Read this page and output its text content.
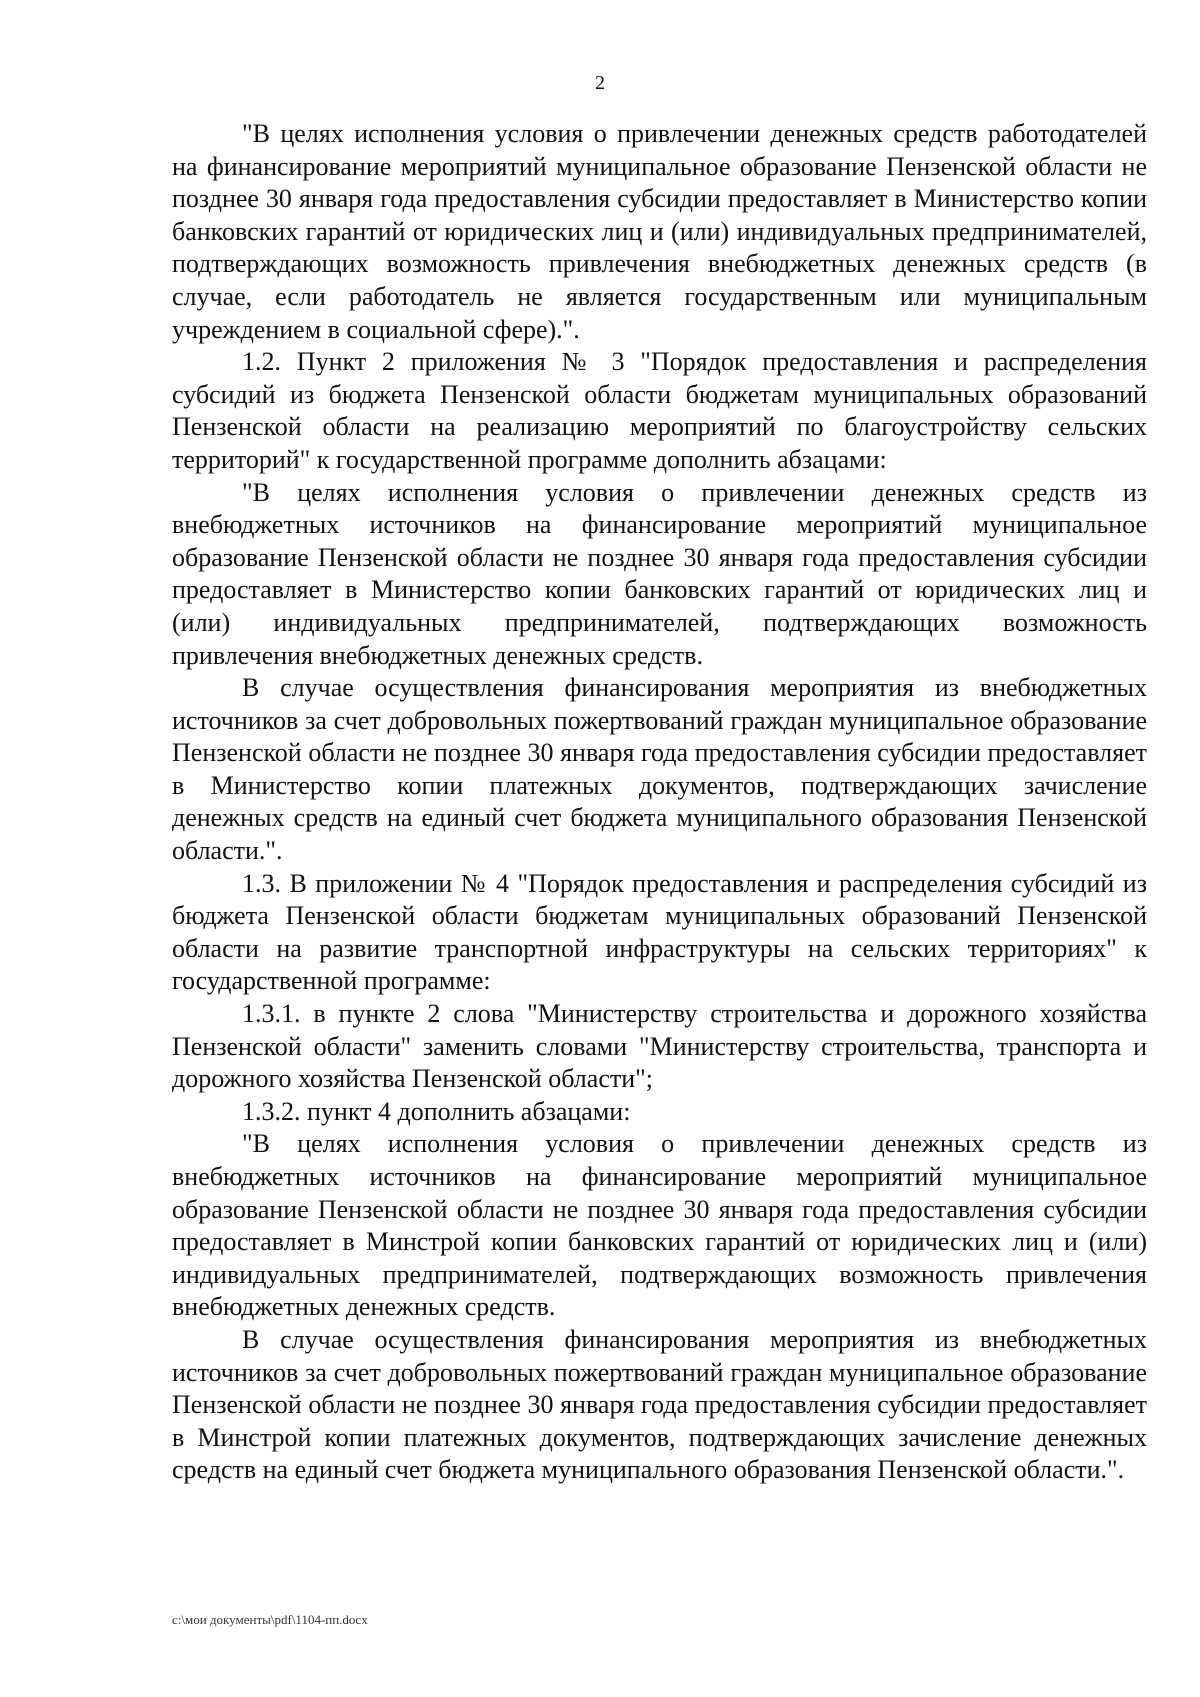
2

"В целях исполнения условия о привлечении денежных средств работодателей на финансирование мероприятий муниципальное образование Пензенской области не позднее 30 января года предоставления субсидии предоставляет в Министерство копии банковских гарантий от юридических лиц и (или) индивидуальных предпринимателей, подтверждающих возможность привлечения внебюджетных денежных средств (в случае, если работодатель не является государственным или муниципальным учреждением в социальной сфере).".

1.2. Пункт 2 приложения № 3 "Порядок предоставления и распределения субсидий из бюджета Пензенской области бюджетам муниципальных образований Пензенской области на реализацию мероприятий по благоустройству сельских территорий" к государственной программе дополнить абзацами:

"В целях исполнения условия о привлечении денежных средств из внебюджетных источников на финансирование мероприятий муниципальное образование Пензенской области не позднее 30 января года предоставления субсидии предоставляет в Министерство копии банковских гарантий от юридических лиц и (или) индивидуальных предпринимателей, подтверждающих возможность привлечения внебюджетных денежных средств.

В случае осуществления финансирования мероприятия из внебюджетных источников за счет добровольных пожертвований граждан муниципальное образование Пензенской области не позднее 30 января года предоставления субсидии предоставляет в Министерство копии платежных документов, подтверждающих зачисление денежных средств на единый счет бюджета муниципального образования Пензенской области.".

1.3. В приложении № 4 "Порядок предоставления и распределения субсидий из бюджета Пензенской области бюджетам муниципальных образований Пензенской области на развитие транспортной инфраструктуры на сельских территориях" к государственной программе:

1.3.1. в пункте 2 слова "Министерству строительства и дорожного хозяйства Пензенской области" заменить словами "Министерству строительства, транспорта и дорожного хозяйства Пензенской области";

1.3.2. пункт 4 дополнить абзацами:

"В целях исполнения условия о привлечении денежных средств из внебюджетных источников на финансирование мероприятий муниципальное образование Пензенской области не позднее 30 января года предоставления субсидии предоставляет в Минстрой копии банковских гарантий от юридических лиц и (или) индивидуальных предпринимателей, подтверждающих возможность привлечения внебюджетных денежных средств.

В случае осуществления финансирования мероприятия из внебюджетных источников за счет добровольных пожертвований граждан муниципальное образование Пензенской области не позднее 30 января года предоставления субсидии предоставляет в Минстрой копии платежных документов, подтверждающих зачисление денежных средств на единый счет бюджета муниципального образования Пензенской области.".

c:\мои документы\pdf\1104-пп.docx
